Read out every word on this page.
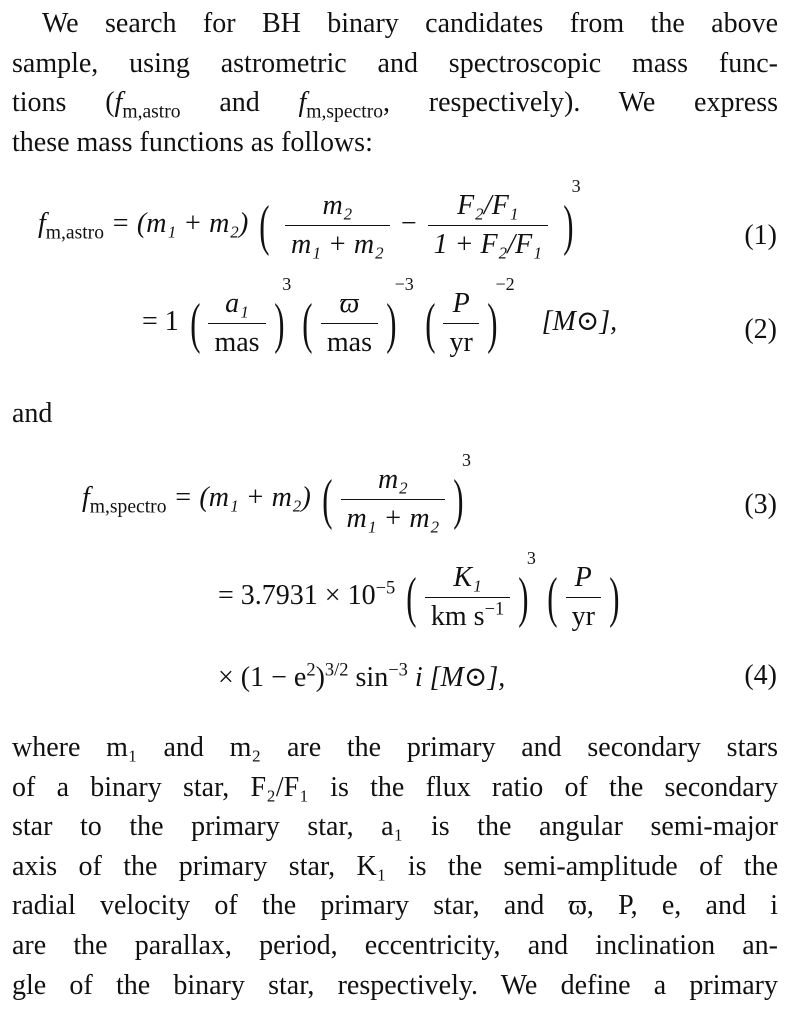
We search for BH binary candidates from the above
sample, using astrometric and spectroscopic mass func-
tions ($f_{m,astro}$ and $f_{m,spectro}$, respectively). We express
these mass functions as follows:
$f_{m,astro} = (m_1 + m_2)$ ( $\frac{\text{m₂}}{\text{m₁ + m₂}} - \frac{\text{F₂/F₁}}{\text{1 + F₂/F₁}} )^3$
(1)
= 1 ( $\frac{\text{a₁}}{\text{mas}} )^3$ ( $\frac{ϖ}{\text{mas}} )^{-3}$ ( $\frac{P}{yr} )^{-2}$ [M⊙],	(2)
and
$f_{m,spectro} = (m_1 + m_2)$ ( $\frac{\text{m₂}}{\text{m₁ + m₂}} )^3$
(3)
= $3.7931 \times 10^{-5}$ ( $\frac{\text{K₁}}{km s^{-1}} )^3$ ( $\frac{P}{yr}$ )
× $(1 - e^2)^{3/2}$ $\sin^{-3} i$ [M⊙],	(4)
where m₁ and m₂ are the primary and secondary stars
of a binary star, F₂/F₁ is the flux ratio of the secondary
star to the primary star, a₁ is the angular semi-major
axis of the primary star, K₁ is the semi-amplitude of the
radial velocity of the primary star, and ϖ, P, e, and i
are the parallax, period, eccentricity, and inclination an-
gle of the binary star, respectively. We define a primary
